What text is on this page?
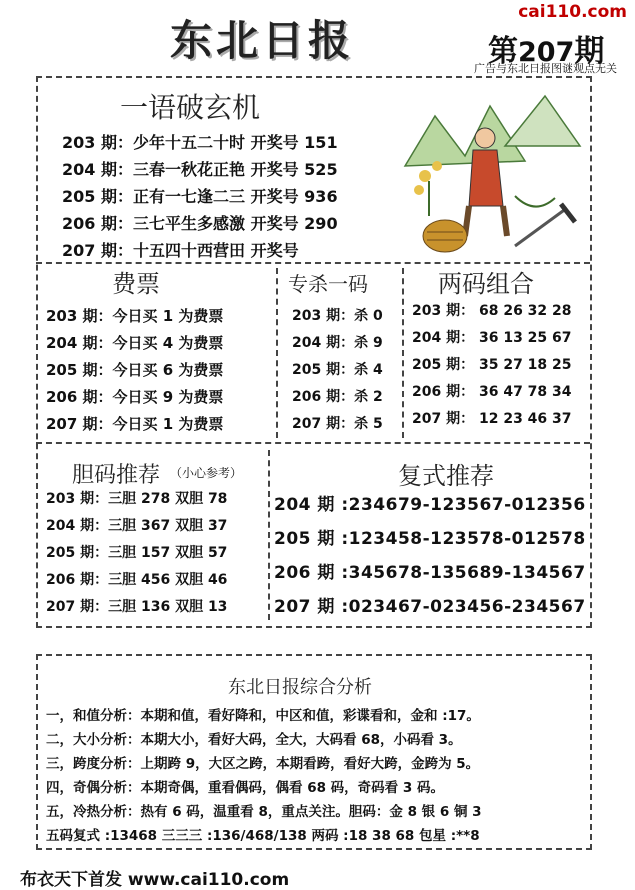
东北日报
cai110.com
第207期
广告与东北日报图谜观点无关
一语破玄机
203 期：少年十五二十时 开奖号 151
204 期：三春一秋花正艳 开奖号 525
205 期：正有一七逢二三 开奖号 936
206 期：三七平生多感激 开奖号 290
207 期：十五四十西营田 开奖号
费票
203 期：今日买 1 为费票
204 期：今日买 4 为费票
205 期：今日买 6 为费票
206 期：今日买 9 为费票
207 期：今日买 1 为费票
专杀一码
203 期：杀 0
204 期：杀 9
205 期：杀 4
206 期：杀 2
207 期：杀 5
两码组合
203 期： 68 26 32 28
204 期： 36 13 25 67
205 期： 35 27 18 25
206 期： 36 47 78 34
207 期： 12 23 46 37
胆码推荐 （小心参考）
203 期：三胆 278 双胆 78
204 期：三胆 367 双胆 37
205 期：三胆 157 双胆 57
206 期：三胆 456 双胆 46
207 期：三胆 136 双胆 13
复式推荐
204 期 :234679-123567-012356
205 期 :123458-123578-012578
206 期 :345678-135689-134567
207 期 :023467-023456-234567
东北日报综合分析
一，和值分析：本期和值，看好降和，中区和值，彩谍看和，金和 :17。
二，大小分析：本期大小，看好大码，全大，大码看 68，小码看 3。
三，跨度分析：上期跨 9，大区之跨，本期看跨，看好大跨，金跨为 5。
四，奇偶分析：本期奇偶，重看偶码，偶看 68 码，奇码看 3 码。
五，冷热分析：热有 6 码，温重看 8，重点关注。胆码：金 8 银 6 铜 3
五码复式 :13468 三三三 :136/468/138 两码 :18 38 68 包星 :**8
布衣天下首发 www.cai110.com
